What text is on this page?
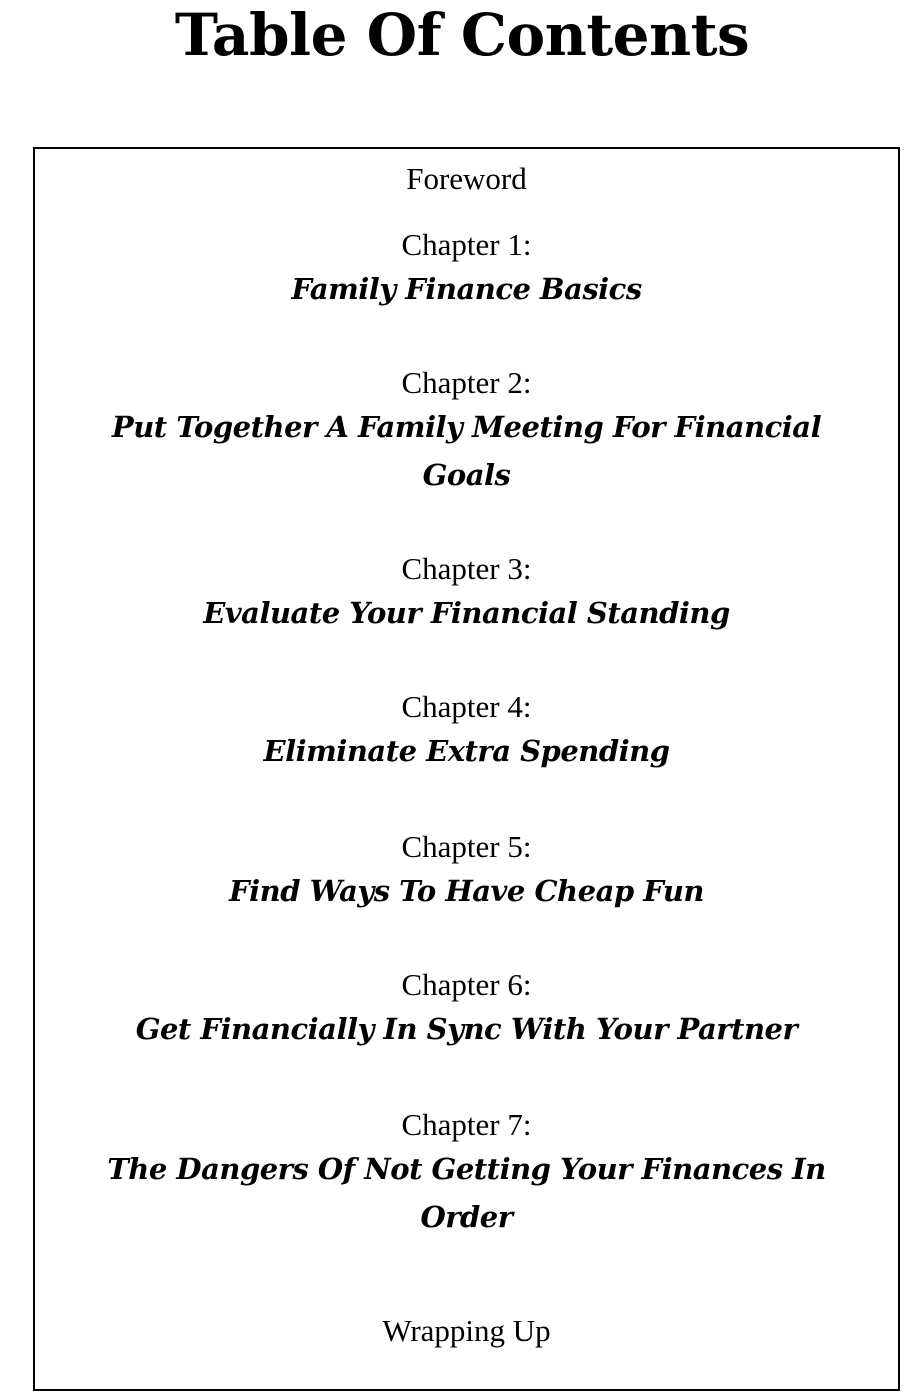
Table Of Contents
Foreword
Chapter 1:
Family Finance Basics
Chapter 2:
Put Together A Family Meeting For Financial Goals
Chapter 3:
Evaluate Your Financial Standing
Chapter 4:
Eliminate Extra Spending
Chapter 5:
Find Ways To Have Cheap Fun
Chapter 6:
Get Financially In Sync With Your Partner
Chapter 7:
The Dangers Of Not Getting Your Finances In Order
Wrapping Up
